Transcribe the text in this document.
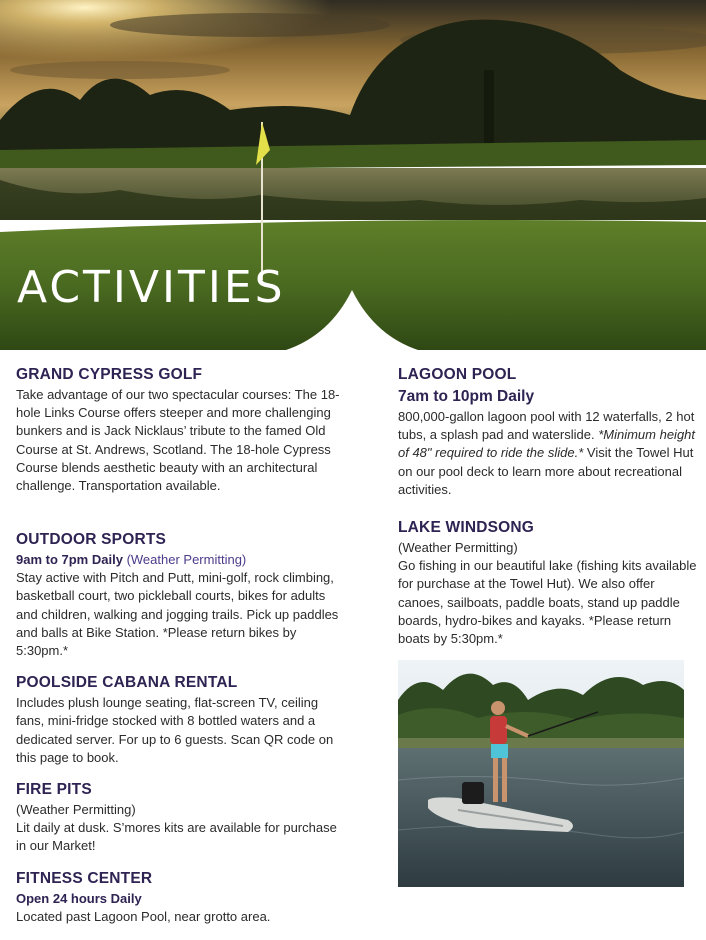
ACTIVITIES
GRAND CYPRESS GOLF
Take advantage of our two spectacular courses: The 18-hole Links Course offers steeper and more challenging bunkers and is Jack Nicklaus’ tribute to the famed Old Course at St. Andrews, Scotland. The 18-hole Cypress Course blends aesthetic beauty with an architectural challenge. Transportation available.
OUTDOOR SPORTS
9am to 7pm Daily (Weather Permitting)
Stay active with Pitch and Putt, mini-golf, rock climbing, basketball court, two pickleball courts, bikes for adults and children, walking and jogging trails. Pick up paddles and balls at Bike Station. *Please return bikes by 5:30pm.*
POOLSIDE CABANA RENTAL
Includes plush lounge seating, flat-screen TV, ceiling fans, mini-fridge stocked with 8 bottled waters and a dedicated server. For up to 6 guests. Scan QR code on this page to book.
FIRE PITS
(Weather Permitting)
Lit daily at dusk. S’mores kits are available for purchase in our Market!
FITNESS CENTER
Open 24 hours Daily
Located past Lagoon Pool, near grotto area.
LAGOON POOL
7am to 10pm Daily
800,000-gallon lagoon pool with 12 waterfalls, 2 hot tubs, a splash pad and waterslide. *Minimum height of 48" required to ride the slide.* Visit the Towel Hut on our pool deck to learn more about recreational activities.
LAKE WINDSONG
(Weather Permitting)
Go fishing in our beautiful lake (fishing kits available for purchase at the Towel Hut). We also offer canoes, sailboats, paddle boats, stand up paddle boards, hydro-bikes and kayaks. *Please return boats by 5:30pm.*
